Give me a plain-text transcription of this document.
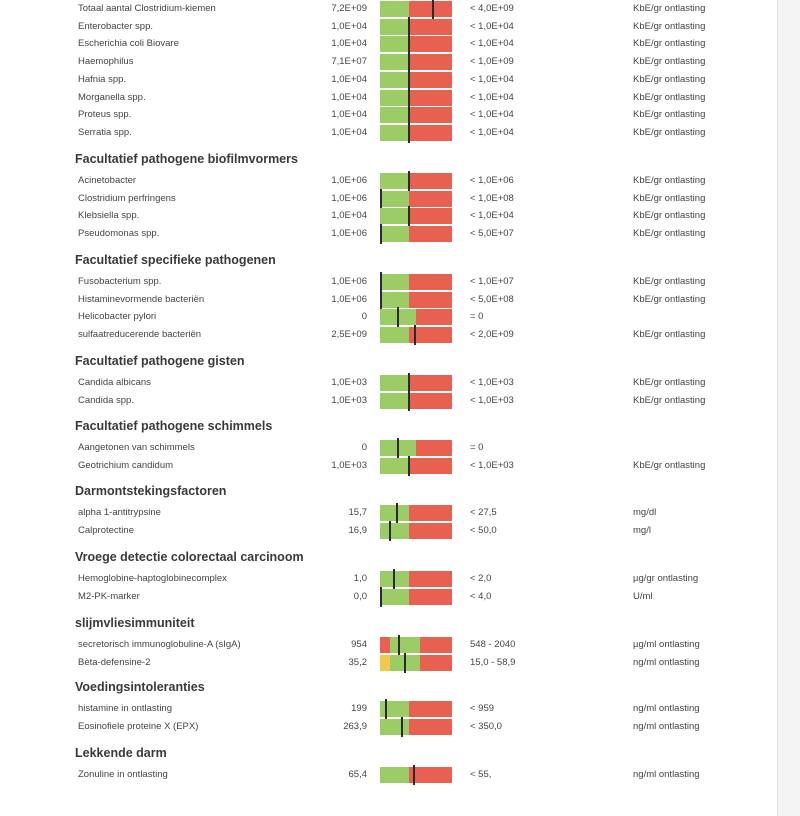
Totaal aantal Clostridium-kiemen	7,2E+09	< 4,0E+09	KbE/gr ontlasting
Enterobacter spp.	1,0E+04	< 1,0E+04	KbE/gr ontlasting
Escherichia coli Biovare	1,0E+04	< 1,0E+04	KbE/gr ontlasting
Haemophilus	7,1E+07	< 1,0E+09	KbE/gr ontlasting
Hafnia spp.	1,0E+04	< 1,0E+04	KbE/gr ontlasting
Morganella spp.	1,0E+04	< 1,0E+04	KbE/gr ontlasting
Proteus spp.	1,0E+04	< 1,0E+04	KbE/gr ontlasting
Serratia spp.	1,0E+04	< 1,0E+04	KbE/gr ontlasting
Facultatief pathogene biofilmvormers
Acinetobacter	1,0E+06	< 1,0E+06	KbE/gr ontlasting
Clostridium perfringens	1,0E+06	< 1,0E+08	KbE/gr ontlasting
Klebsiella spp.	1,0E+04	< 1,0E+04	KbE/gr ontlasting
Pseudomonas spp.	1,0E+06	< 5,0E+07	KbE/gr ontlasting
Facultatief specifieke pathogenen
Fusobacterium spp.	1,0E+06	< 1,0E+07	KbE/gr ontlasting
Histaminevormende bacteriën	1,0E+06	< 5,0E+08	KbE/gr ontlasting
Helicobacter pylori	0	= 0
sulfaatreducerende bacteriën	2,5E+09	< 2,0E+09	KbE/gr ontlasting
Facultatief pathogene gisten
Candida albicans	1,0E+03	< 1,0E+03	KbE/gr ontlasting
Candida spp.	1,0E+03	< 1,0E+03	KbE/gr ontlasting
Facultatief pathogene schimmels
Aangetonen van schimmels	0	= 0
Geotrichium candidum	1,0E+03	< 1,0E+03	KbE/gr ontlasting
Darmontstekingsfactoren
alpha 1-antitrypsine	15,7	< 27,5	mg/dl
Calprotectine	16,9	< 50,0	mg/l
Vroege detectie colorectaal carcinoom
Hemoglobine-haptoglobinecomplex	1,0	< 2,0	µg/gr ontlasting
M2-PK-marker	0,0	< 4,0	U/ml
slijmvliesimmuniteit
secretorisch immunoglobuline-A (sIgA)	954	548 - 2040	µg/ml ontlasting
Bèta-defensine-2	35,2	15,0 - 58,9	ng/ml ontlasting
Voedingsintoleranties
histamine in ontlasting	199	< 959	ng/ml ontlasting
Eosinofiele proteine X (EPX)	263,9	< 350,0	ng/ml ontlasting
Lekkende darm
Zonuline in ontlasting	65,4	< 55,	ng/ml ontlasting
